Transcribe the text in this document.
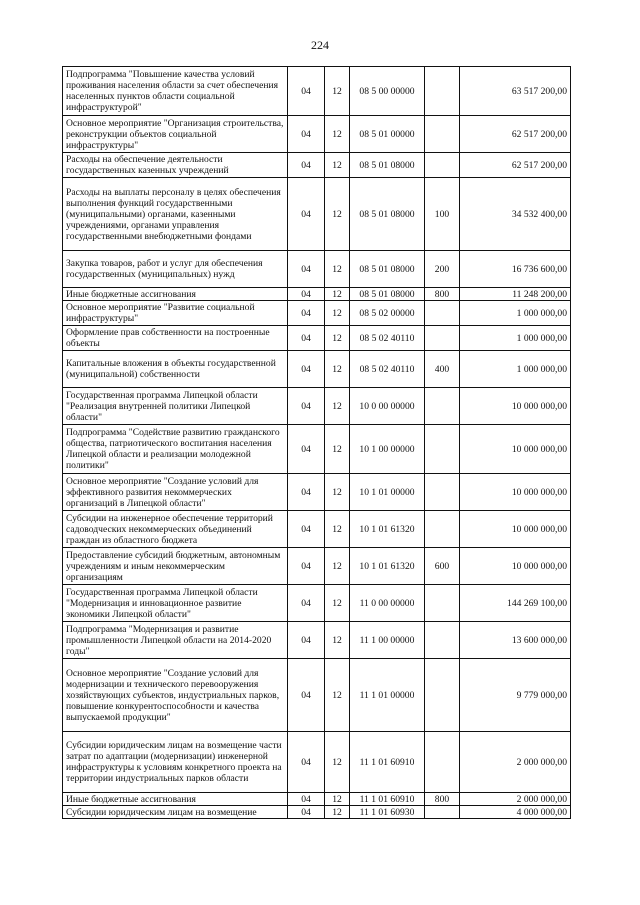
224
Подпрограмма "Повышение качества условий проживания населения области за счет обеспечения населенных пунктов области социальной инфраструктурой"	04	12	08 5 00 00000		63 517 200,00
Основное мероприятие "Организация строительства, реконструкции объектов социальной инфраструктуры"	04	12	08 5 01 00000		62 517 200,00
Расходы на обеспечение деятельности государственных казенных учреждений	04	12	08 5 01 08000		62 517 200,00
Расходы на выплаты персоналу в целях обеспечения выполнения функций государственными (муниципальными) органами, казенными учреждениями, органами управления государственными внебюджетными фондами	04	12	08 5 01 08000	100	34 532 400,00
Закупка товаров, работ и услуг для обеспечения государственных (муниципальных) нужд	04	12	08 5 01 08000	200	16 736 600,00
Иные бюджетные ассигнования	04	12	08 5 01 08000	800	11 248 200,00
Основное мероприятие "Развитие социальной инфраструктуры"	04	12	08 5 02 00000		1 000 000,00
Оформление прав собственности на построенные объекты	04	12	08 5 02 40110		1 000 000,00
Капитальные вложения в объекты государственной (муниципальной) собственности	04	12	08 5 02 40110	400	1 000 000,00
Государственная программа Липецкой области "Реализация внутренней политики Липецкой области"	04	12	10 0 00 00000		10 000 000,00
Подпрограмма "Содействие развитию гражданского общества, патриотического воспитания населения Липецкой области и реализации молодежной политики"	04	12	10 1 00 00000		10 000 000,00
Основное мероприятие "Создание условий для эффективного развития некоммерческих организаций в Липецкой области"	04	12	10 1 01 00000		10 000 000,00
Субсидии на инженерное обеспечение территорий садоводческих некоммерческих объединений граждан из областного бюджета	04	12	10 1 01 61320		10 000 000,00
Предоставление субсидий бюджетным, автономным учреждениям и иным некоммерческим организациям	04	12	10 1 01 61320	600	10 000 000,00
Государственная программа Липецкой области "Модернизация и инновационное развитие экономики Липецкой области"	04	12	11 0 00 00000		144 269 100,00
Подпрограмма "Модернизация и развитие промышленности Липецкой области на 2014-2020 годы"	04	12	11 1 00 00000		13 600 000,00
Основное мероприятие "Создание условий для модернизации и технического перевооружения хозяйствующих субъектов, индустриальных парков, повышение конкурентоспособности и качества выпускаемой продукции"	04	12	11 1 01 00000		9 779 000,00
Субсидии юридическим лицам на возмещение части затрат по адаптации (модернизации) инженерной инфраструктуры к условиям конкретного проекта на территории индустриальных парков области	04	12	11 1 01 60910		2 000 000,00
Иные бюджетные ассигнования	04	12	11 1 01 60910	800	2 000 000,00
Субсидии юридическим лицам на возмещение	04	12	11 1 01 60930		4 000 000,00
